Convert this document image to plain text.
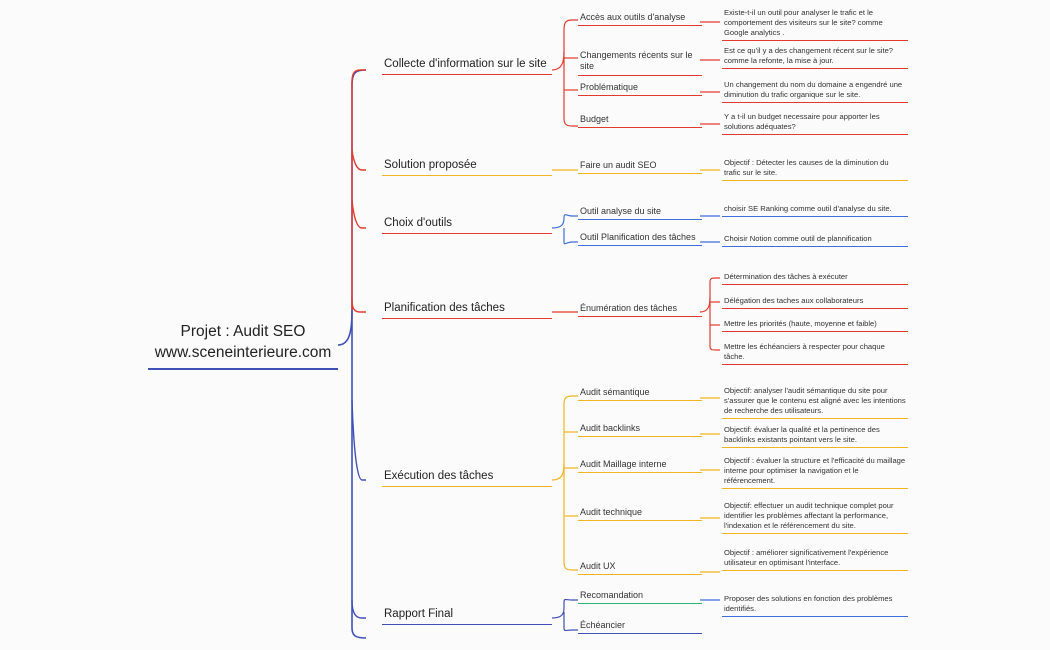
Projet : Audit SEO
www.sceneinterieure.com
Collecte d'information sur le site
Solution proposée
Choix d'outils
Planification des tâches
Exécution des tâches
Rapport Final
Accès aux outils d'analyse
Changements récents sur le site
Problématique
Budget
Faire un audit SEO
Outil analyse du site
Outil Planification des tâches
Énumération des tâches
Audit sémantique
Audit backlinks
Audit Maillage interne
Audit technique
Audit UX
Recomandation
Échéancier
Existe-t-il un outil pour analyser le trafic et le comportement des visiteurs sur le site? comme Google analytics .
Est ce qu'il y a des changement récent sur le site? comme la refonte, la mise à jour.
Un changement du nom du domaine a engendré une diminution du trafic organique sur le site.
Y a t-il un budget necessaire pour apporter les solutions adéquates?
Objectif : Détecter les causes de la diminution du trafic sur le site.
choisir SE Ranking comme outil d'analyse du site.
Choisir Notion comme outil de plannification
Détermination des tâches à exécuter
Délégation des taches aux collaborateurs
Mettre les priorités (haute, moyenne et faible)
Mettre les échéanciers à respecter pour chaque tâche.
Objectif: analyser l'audit sémantique du site pour s'assurer que le contenu est aligné avec les intentions de recherche des utilisateurs.
Objectif: évaluer la qualité et la pertinence des backlinks existants pointant vers le site.
Objectif : évaluer la structure et l'efficacité du maillage interne pour optimiser la navigation et le référencement.
Objectif: effectuer un audit technique complet pour identifier les problèmes affectant la performance, l'indexation et le référencement du site.
Objectif : améliorer significativement l'expérience utilisateur en optimisant l'interface.
Proposer des solutions en fonction des problèmes identifiés.
